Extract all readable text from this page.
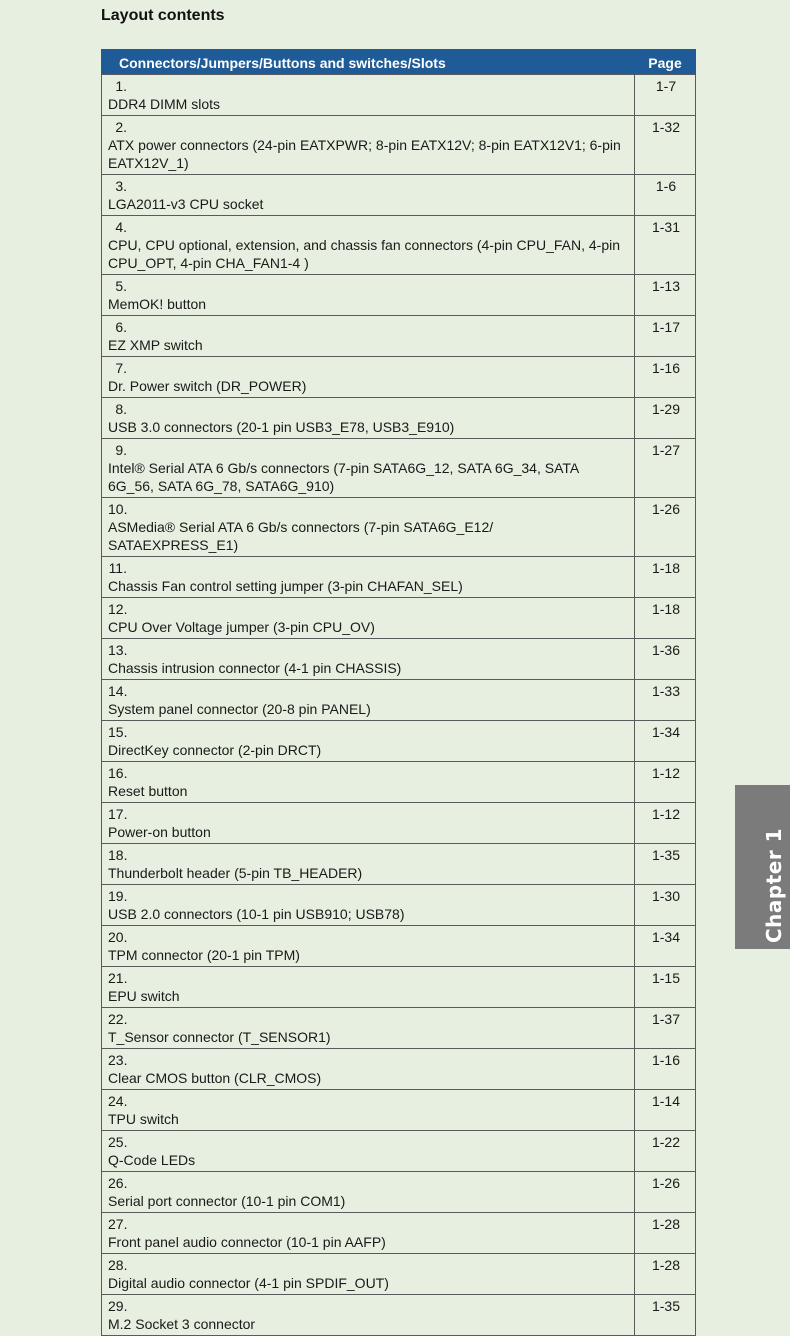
Layout contents
Connectors/Jumpers/Buttons and switches/Slots	Page
1.DDR4 DIMM slots	1-7
2.ATX power connectors (24-pin EATXPWR; 8-pin EATX12V; 8-pin EATX12V1; 6-pin EATX12V_1)	1-32
3.LGA2011-v3 CPU socket	1-6
4.CPU, CPU optional, extension, and chassis fan connectors (4-pin CPU_FAN, 4-pin CPU_OPT, 4-pin CHA_FAN1-4 )	1-31
5.MemOK! button	1-13
6.EZ XMP switch	1-17
7.Dr. Power switch (DR_POWER)	1-16
8.USB 3.0 connectors (20-1 pin USB3_E78, USB3_E910)	1-29
9.Intel® Serial ATA 6 Gb/s connectors (7-pin SATA6G_12, SATA 6G_34, SATA 6G_56, SATA 6G_78, SATA6G_910)	1-27
10.ASMedia® Serial ATA 6 Gb/s connectors (7-pin SATA6G_E12/ SATAEXPRESS_E1)	1-26
11.Chassis Fan control setting jumper (3-pin CHAFAN_SEL)	1-18
12.CPU Over Voltage jumper (3-pin CPU_OV)	1-18
13.Chassis intrusion connector (4-1 pin CHASSIS)	1-36
14.System panel connector (20-8 pin PANEL)	1-33
15.DirectKey connector (2-pin DRCT)	1-34
16.Reset button	1-12
17.Power-on button	1-12
18.Thunderbolt header (5-pin TB_HEADER)	1-35
19.USB 2.0 connectors (10-1 pin USB910; USB78)	1-30
20.TPM connector (20-1 pin TPM)	1-34
21.EPU switch	1-15
22.T_Sensor connector (T_SENSOR1)	1-37
23.Clear CMOS button (CLR_CMOS)	1-16
24.TPU switch	1-14
25.Q-Code LEDs	1-22
26.Serial port connector (10-1 pin COM1)	1-26
27.Front panel audio connector (10-1 pin AAFP)	1-28
28.Digital audio connector (4-1 pin SPDIF_OUT)	1-28
29.M.2 Socket 3 connector	1-35
Chapter 1
